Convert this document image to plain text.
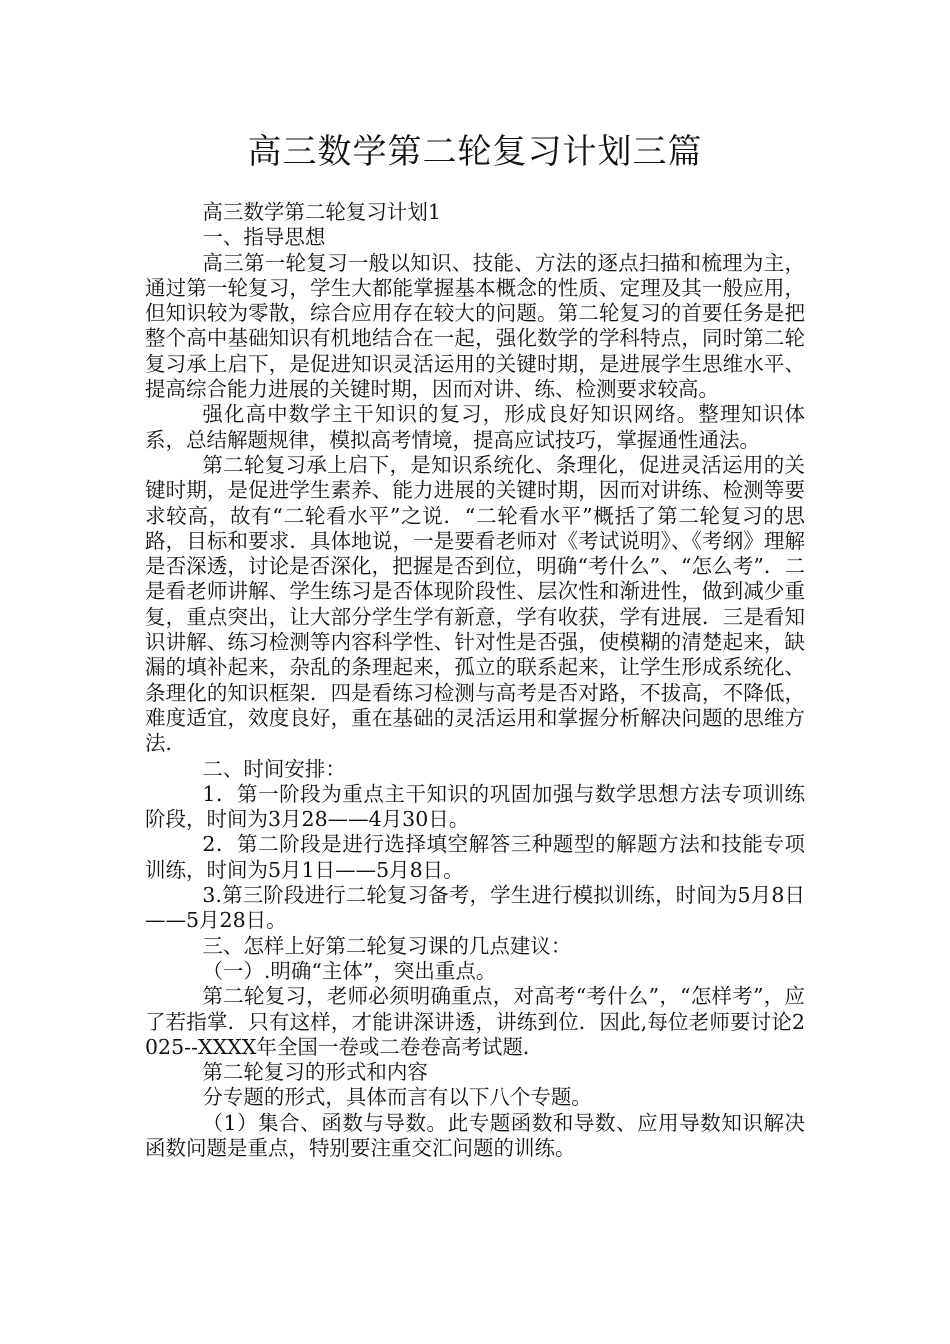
高三数学第二轮复习计划三篇

高三数学第二轮复习计划1

一、指导思想

高三第一轮复习一般以知识、技能、方法的逐点扫描和梳理为主，通过第一轮复习，学生大都能掌握基本概念的性质、定理及其一般应用，但知识较为零散，综合应用存在较大的问题。第二轮复习的首要任务是把整个高中基础知识有机地结合在一起，强化数学的学科特点，同时第二轮复习承上启下，是促进知识灵活运用的关键时期，是进展学生思维水平、提高综合能力进展的关键时期，因而对讲、练、检测要求较高。

强化高中数学主干知识的复习，形成良好知识网络。整理知识体系，总结解题规律，模拟高考情境，提高应试技巧，掌握通性通法。

第二轮复习承上启下，是知识系统化、条理化，促进灵活运用的关键时期，是促进学生素养、能力进展的关键时期，因而对讲练、检测等要求较高，故有“二轮看水平”之说．“二轮看水平”概括了第二轮复习的思路，目标和要求．具体地说，一是要看老师对《考试说明》、《考纲》理解是否深透，讨论是否深化，把握是否到位，明确“考什么”、“怎么考”．二是看老师讲解、学生练习是否体现阶段性、层次性和渐进性，做到减少重复，重点突出，让大部分学生学有新意，学有收获，学有进展．三是看知识讲解、练习检测等内容科学性、针对性是否强，使模糊的清楚起来，缺漏的填补起来，杂乱的条理起来，孤立的联系起来，让学生形成系统化、条理化的知识框架．四是看练习检测与高考是否对路，不拔高，不降低，难度适宜，效度良好，重在基础的灵活运用和掌握分析解决问题的思维方法．

二、时间安排：

1．第一阶段为重点主干知识的巩固加强与数学思想方法专项训练阶段，时间为3月28——4月30日。

2．第二阶段是进行选择填空解答三种题型的解题方法和技能专项训练，时间为5月1日——5月8日。

3.第三阶段进行二轮复习备考，学生进行模拟训练，时间为5月8日——5月28日。

三、怎样上好第二轮复习课的几点建议：

（一）.明确“主体”，突出重点。

第二轮复习，老师必须明确重点，对高考“考什么”，“怎样考”，应了若指掌．只有这样，才能讲深讲透，讲练到位．因此,每位老师要讨论2025--XXXX年全国一卷或二卷卷高考试题．

第二轮复习的形式和内容

分专题的形式，具体而言有以下八个专题。

（1）集合、函数与导数。此专题函数和导数、应用导数知识解决函数问题是重点，特别要注重交汇问题的训练。
